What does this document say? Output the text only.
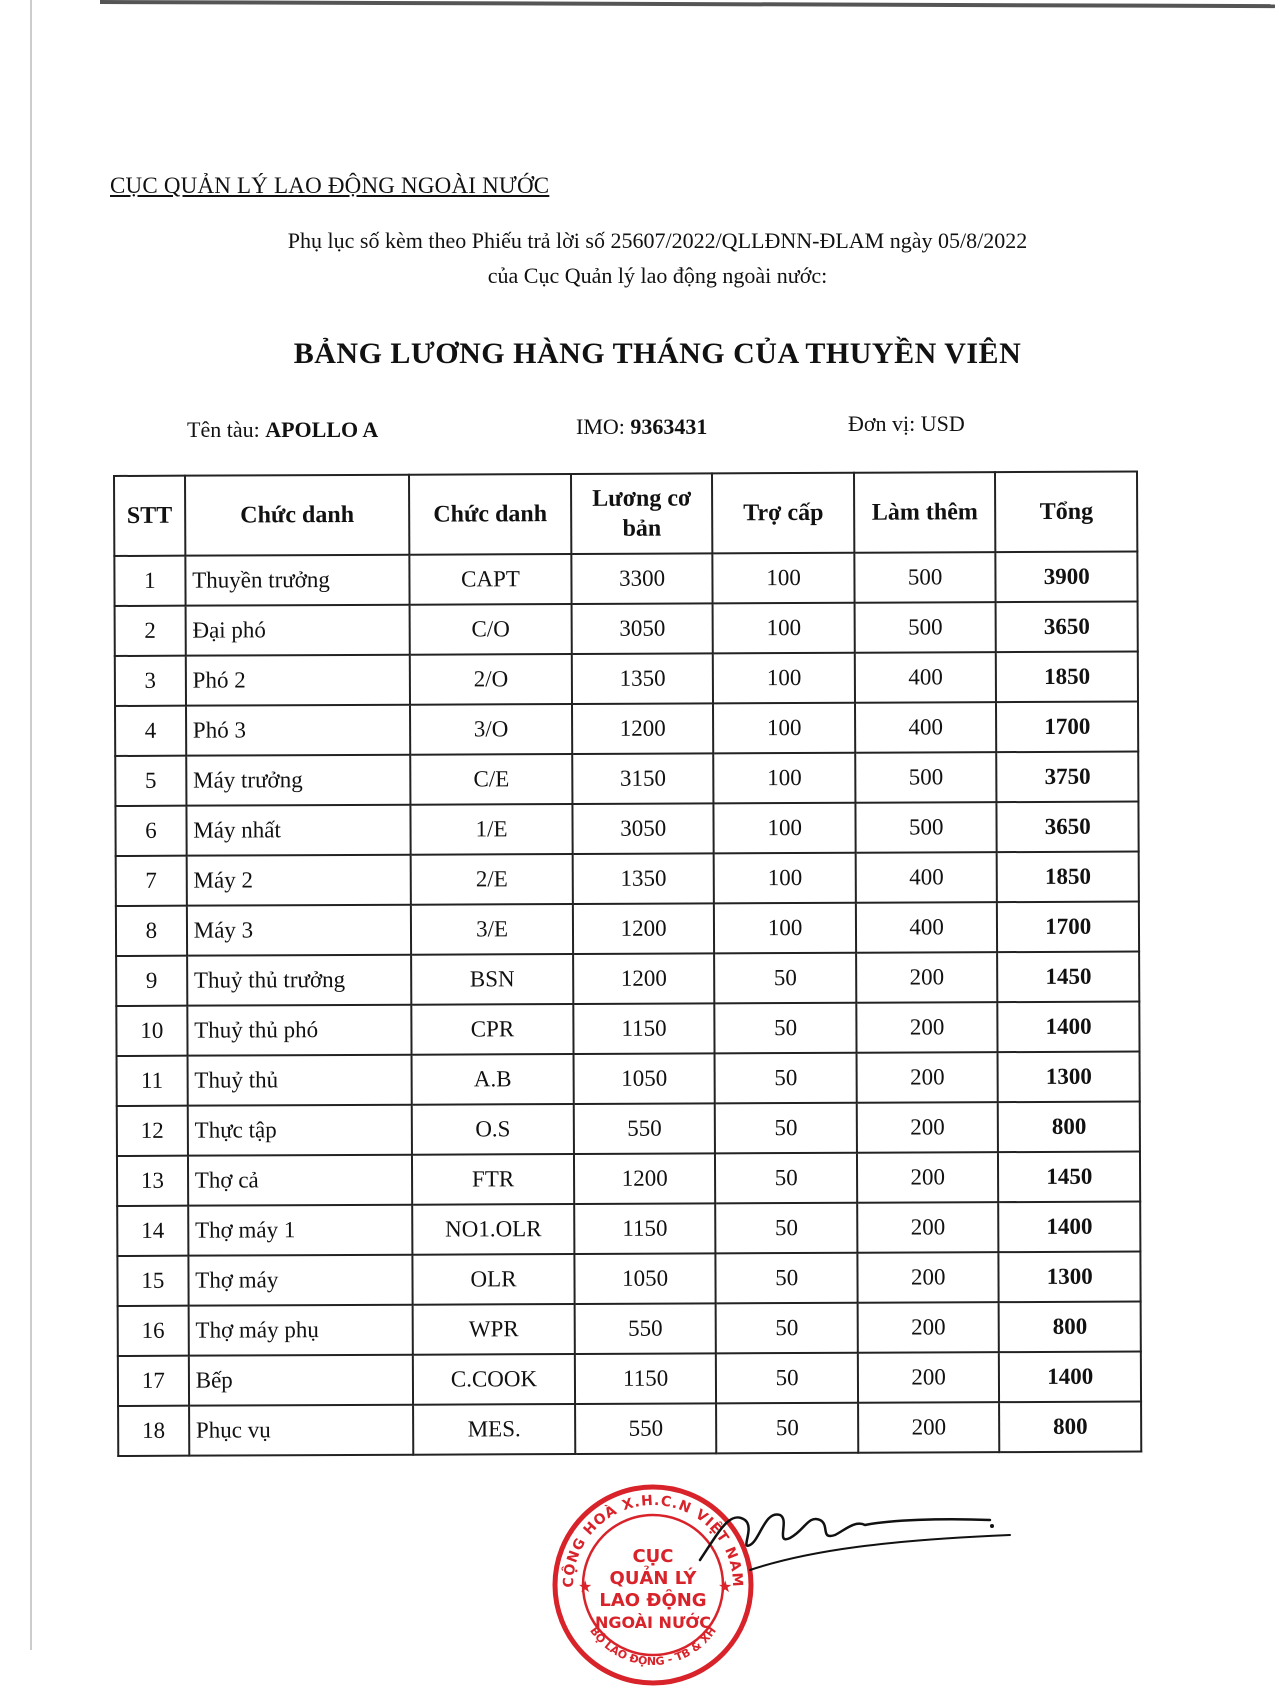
CỤC QUẢN LÝ LAO ĐỘNG NGOÀI NƯỚC
Phụ lục số kèm theo Phiếu trả lời số 25607/2022/QLLĐNN-ĐLAM ngày 05/8/2022
của Cục Quản lý lao động ngoài nước:
BẢNG LƯƠNG HÀNG THÁNG CỦA THUYỀN VIÊN
Tên tàu: APOLLO A	IMO: 9363431	Đơn vị: USD
STT	Chức danh	Chức danh	Lương cơ bản	Trợ cấp	Làm thêm	Tổng
1	Thuyền trưởng	CAPT	3300	100	500	3900
2	Đại phó	C/O	3050	100	500	3650
3	Phó 2	2/O	1350	100	400	1850
4	Phó 3	3/O	1200	100	400	1700
5	Máy trưởng	C/E	3150	100	500	3750
6	Máy nhất	1/E	3050	100	500	3650
7	Máy 2	2/E	1350	100	400	1850
8	Máy 3	3/E	1200	100	400	1700
9	Thuỷ thủ trưởng	BSN	1200	50	200	1450
10	Thuỷ thủ phó	CPR	1150	50	200	1400
11	Thuỷ thủ	A.B	1050	50	200	1300
12	Thực tập	O.S	550	50	200	800
13	Thợ cả	FTR	1200	50	200	1450
14	Thợ máy 1	NO1.OLR	1150	50	200	1400
15	Thợ máy	OLR	1050	50	200	1300
16	Thợ máy phụ	WPR	550	50	200	800
17	Bếp	C.COOK	1150	50	200	1400
18	Phục vụ	MES.	550	50	200	800
CỘNG HOÀ X.H.C.N VIỆT NAM
BỘ LAO ĐỘNG - TB & XH
CỤC
QUẢN LÝ
LAO ĐỘNG
NGOÀI NƯỚC
★	★
